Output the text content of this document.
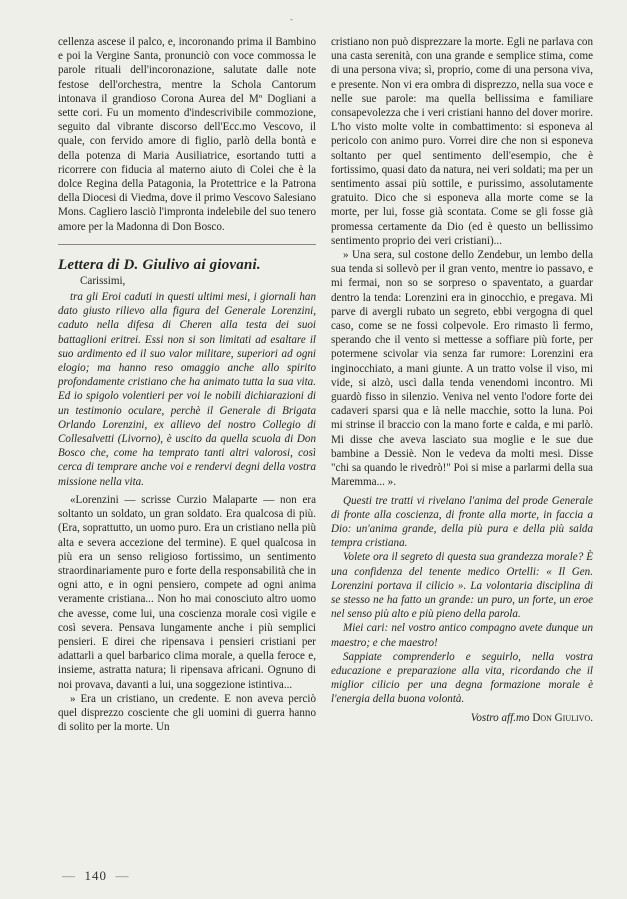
-

cellenza ascese il palco, e, incoronando prima il Bambino e poi la Vergine Santa, pronunciò con voce commossa le parole rituali dell'incoronazione, salutate dalle note festose dell'orchestra, mentre la Schola Cantorum intonava il grandioso Corona Aurea del Mº Dogliani a sette cori. Fu un momento d'indescrivibile commozione, seguito dal vibrante discorso dell'Ecc.mo Vescovo, il quale, con fervido amore di figlio, parlò della bontà e della potenza di Maria Ausiliatrice, esortando tutti a ricorrere con fiducia al materno aiuto di Colei che è la dolce Regina della Patagonia, la Protettrice e la Patrona della Diocesi di Viedma, dove il primo Vescovo Salesiano Mons. Cagliero lasciò l'impronta indelebile del suo tenero amore per la Madonna di Don Bosco.

Lettera di D. Giulivo ai giovani.

Carissimi,

tra gli Eroi caduti in questi ultimi mesi, i giornali han dato giusto rilievo alla figura del Generale Lorenzini, caduto nella difesa di Cheren alla testa dei suoi battaglioni eritrei. Essi non si son limitati ad esaltare il suo ardimento ed il suo valor militare, superiori ad ogni elogio; ma hanno reso omaggio anche allo spirito profondamente cristiano che ha animato tutta la sua vita. Ed io spigolo volentieri per voi le nobili dichiarazioni di un testimonio oculare, perchè il Generale di Brigata Orlando Lorenzini, ex allievo del nostro Collegio di Collesalvetti (Livorno), è uscito da quella scuola di Don Bosco che, come ha temprato tanti altri valorosi, così cerca di temprare anche voi e rendervi degni della vostra missione nella vita.

«Lorenzini — scrisse Curzio Malaparte — non era soltanto un soldato, un gran soldato. Era qualcosa di più. (Era, soprattutto, un uomo puro. Era un cristiano nella più alta e severa accezione del termine). E quel qualcosa in più era un senso religioso fortissimo, un sentimento straordinariamente puro e forte della responsabilità che in ogni atto, e in ogni pensiero, compete ad ogni anima veramente cristiana... Non ho mai conosciuto altro uomo che avesse, come lui, una coscienza morale così vigile e così severa. Pensava lungamente anche i più semplici pensieri. E direi che ripensava i pensieri cristiani per adattarli a quel barbarico clima morale, a quella feroce e, insieme, astratta natura; li ripensava africani. Ognuno di noi provava, davanti a lui, una soggezione istintiva...

» Era un cristiano, un credente. E non aveva perciò quel disprezzo cosciente che gli uomini di guerra hanno di solito per la morte. Un

cristiano non può disprezzare la morte. Egli ne parlava con una casta serenità, con una grande e semplice stima, come di una persona viva; sì, proprio, come di una persona viva, e presente. Non vi era ombra di disprezzo, nella sua voce e nelle sue parole: ma quella bellissima e familiare consapevolezza che i veri cristiani hanno del dover morire. L'ho visto molte volte in combattimento: si esponeva al pericolo con animo puro. Vorrei dire che non si esponeva soltanto per quel sentimento dell'esempio, che è fortissimo, quasi dato da natura, nei veri soldati; ma per un sentimento assai più sottile, e purissimo, assolutamente gratuito. Dico che si esponeva alla morte come se la morte, per lui, fosse già scontata. Come se gli fosse già promessa certamente da Dio (ed è questo un bellissimo sentimento proprio dei veri cristiani)...

» Una sera, sul costone dello Zendebur, un lembo della sua tenda si sollevò per il gran vento, mentre io passavo, e mi fermai, non so se sorpreso o spaventato, a guardar dentro la tenda: Lorenzini era in ginocchio, e pregava. Mi parve di avergli rubato un segreto, ebbi vergogna di quel caso, come se ne fossi colpevole. Ero rimasto lì fermo, sperando che il vento si mettesse a soffiare più forte, per potermene scivolar via senza far rumore: Lorenzini era inginocchiato, a mani giunte. A un tratto volse il viso, mi vide, si alzò, uscì dalla tenda venendomi incontro. Mi guardò fisso in silenzio. Veniva nel vento l'odore forte dei cadaveri sparsi qua e là nelle macchie, sotto la luna. Poi mi strinse il braccio con la mano forte e calda, e mi parlò. Mi disse che aveva lasciato sua moglie e le sue due bambine a Dessiè. Non le vedeva da molti mesi. Disse "chi sa quando le rivedrò!" Poi si mise a parlarmi della sua Maremma... ».

Questi tre tratti vi rivelano l'anima del prode Generale di fronte alla coscienza, di fronte alla morte, in faccia a Dio: un'anima grande, della più pura e della più salda tempra cristiana.

Volete ora il segreto di questa sua grandezza morale? È una confidenza del tenente medico Ortelli: « Il Gen. Lorenzini portava il cilicio ». La volontaria disciplina di se stesso ne ha fatto un grande: un puro, un forte, un eroe nel senso più alto e più pieno della parola.

Miei cari: nel vostro antico compagno avete dunque un maestro; e che maestro!

Sappiate comprenderlo e seguirlo, nella vostra educazione e preparazione alla vita, ricordando che il miglior cilicio per una degna formazione morale è l'energia della buona volontà.

Vostro aff.mo Don Giulivo.

—  140  —
